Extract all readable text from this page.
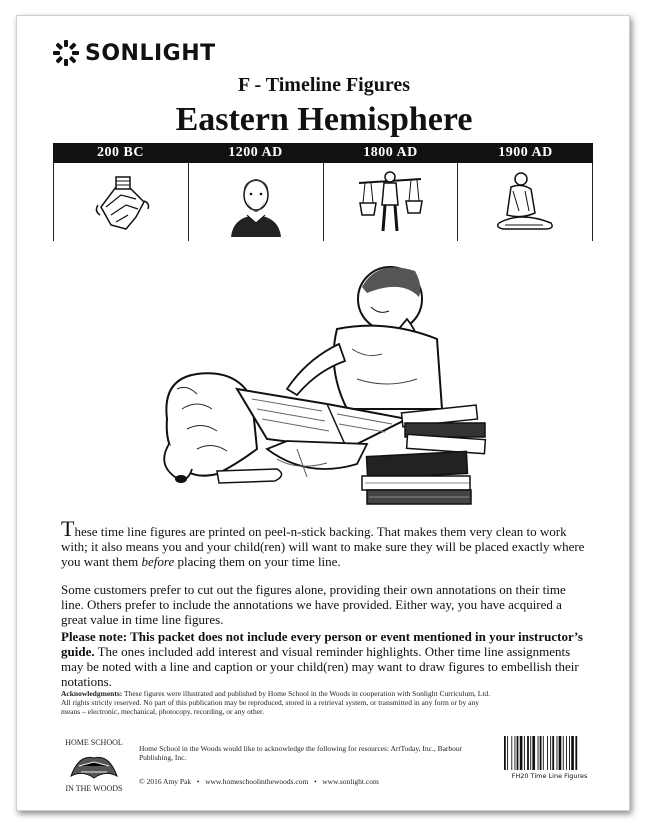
SONLIGHT
F - Timeline Figures
Eastern Hemisphere
200 BC	1200 AD	1800 AD	1900 AD
These time line figures are printed on peel-n-stick backing. That makes them very clean to work with; it also means you and your child(ren) will want to make sure they will be placed exactly where you want them before placing them on your time line.
Some customers prefer to cut out the figures alone, providing their own annotations on their time line. Others prefer to include the annotations we have provided. Either way, you have acquired a great value in time line figures.
Please note: This packet does not include every person or event mentioned in your instructor’s guide. The ones included add interest and visual reminder highlights. Other time line assignments may be noted with a line and caption or your child(ren) may want to draw figures to embellish their notations.
Acknowledgments: These figures were illustrated and published by Home School in the Woods in cooperation with Sonlight Curriculum, Ltd. All rights strictly reserved. No part of this publication may be reproduced, stored in a retrieval system, or transmitted in any form or by any means – electronic, mechanical, photocopy, recording, or any other.
HOME SCHOOL
IN THE WOODS
Home School in the Woods would like to acknowledge the following for resources: ArtToday, Inc., Barbour Publishing, Inc.
© 2016 Amy Pak • www.homeschoolinthewoods.com • www.sonlight.com
FH20 Time Line Figures
